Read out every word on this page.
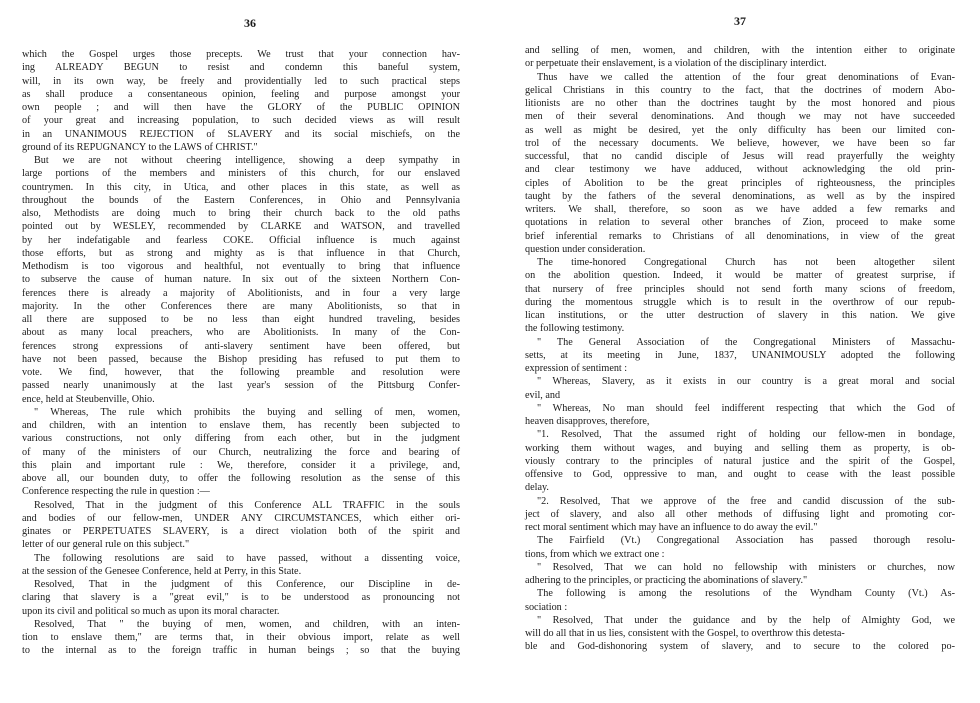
36

which the Gospel urges those precepts. We trust that your connection hav-

ing ALREADY BEGUN to resist and condemn this baneful system,

will, in its own way, be freely and providentially led to such practical steps

as shall produce a consentaneous opinion, feeling and purpose amongst your

own people ; and will then have the GLORY of the PUBLIC OPINION

of your great and increasing population, to such decided views as will result

in an UNANIMOUS REJECTION of SLAVERY and its social mischiefs, on the

ground of its REPUGNANCY to the LAWS of CHRIST."

But we are not without cheering intelligence, showing a deep sympathy in

large portions of the members and ministers of this church, for our enslaved

countrymen. In this city, in Utica, and other places in this state, as well as

throughout the bounds of the Eastern Conferences, in Ohio and Pennsylvania

also, Methodists are doing much to bring their church back to the old paths

pointed out by WESLEY, recommended by CLARKE and WATSON, and travelled

by her indefatigable and fearless COKE. Official influence is much against

those efforts, but as strong and mighty as is that influence in that Church,

Methodism is too vigorous and healthful, not eventually to bring that influence

to subserve the cause of human nature. In six out of the sixteen Northern Con-

ferences there is already a majority of Abolitionists, and in four a very large

majority. In the other Conferences there are many Abolitionists, so that in

all there are supposed to be no less than eight hundred traveling, besides

about as many local preachers, who are Abolitionists. In many of the Con-

ferences strong expressions of anti-slavery sentiment have been offered, but

have not been passed, because the Bishop presiding has refused to put them to

vote. We find, however, that the following preamble and resolution were

passed nearly unanimously at the last year's session of the Pittsburg Confer-

ence, held at Steubenville, Ohio.

" Whereas, The rule which prohibits the buying and selling of men, women,

and children, with an intention to enslave them, has recently been subjected to

various constructions, not only differing from each other, but in the judgment

of many of the ministers of our Church, neutralizing the force and bearing of

this plain and important rule : We, therefore, consider it a privilege, and,

above all, our bounden duty, to offer the following resolution as the sense of this

Conference respecting the rule in question :—

Resolved, That in the judgment of this Conference ALL TRAFFIC in the souls

and bodies of our fellow-men, UNDER ANY CIRCUMSTANCES, which either ori-

ginates or PERPETUATES SLAVERY, is a direct violation both of the spirit and

letter of our general rule on this subject."

The following resolutions are said to have passed, without a dissenting voice,

at the session of the Genesee Conference, held at Perry, in this State.

Resolved, That in the judgment of this Conference, our Discipline in de-

claring that slavery is a "great evil," is to be understood as pronouncing not

upon its civil and political so much as upon its moral character.

Resolved, That " the buying of men, women, and children, with an inten-

tion to enslave them," are terms that, in their obvious import, relate as well

to the internal as to the foreign traffic in human beings ; so that the buying

37

and selling of men, women, and children, with the intention either to originate

or perpetuate their enslavement, is a violation of the disciplinary interdict.

Thus have we called the attention of the four great denominations of Evan-

gelical Christians in this country to the fact, that the doctrines of modern Abo-

litionists are no other than the doctrines taught by the most honored and pious

men of their several denominations. And though we may not have succeeded

as well as might be desired, yet the only difficulty has been our limited con-

trol of the necessary documents. We believe, however, we have been so far

successful, that no candid disciple of Jesus will read prayerfully the weighty

and clear testimony we have adduced, without acknowledging the old prin-

ciples of Abolition to be the great principles of righteousness, the principles

taught by the fathers of the several denominations, as well as by the inspired

writers. We shall, therefore, so soon as we have added a few remarks and

quotations in relation to several other branches of Zion, proceed to make some

brief inferential remarks to Christians of all denominations, in view of the great

question under consideration.

The time-honored Congregational Church has not been altogether silent

on the abolition question. Indeed, it would be matter of greatest surprise, if

that nursery of free principles should not send forth many scions of freedom,

during the momentous struggle which is to result in the overthrow of our repub-

lican institutions, or the utter destruction of slavery in this nation. We give

the following testimony.

" The General Association of the Congregational Ministers of Massachu-

setts, at its meeting in June, 1837, UNANIMOUSLY adopted the following

expression of sentiment :

" Whereas, Slavery, as it exists in our country is a great moral and social

evil, and

" Whereas, No man should feel indifferent respecting that which the God of

heaven disapproves, therefore,

"1. Resolved, That the assumed right of holding our fellow-men in bondage,

working them without wages, and buying and selling them as property, is ob-

viously contrary to the principles of natural justice and the spirit of the Gospel,

offensive to God, oppressive to man, and ought to cease with the least possible

delay.

"2. Resolved, That we approve of the free and candid discussion of the sub-

ject of slavery, and also all other methods of diffusing light and promoting cor-

rect moral sentiment which may have an influence to do away the evil."

The Fairfield (Vt.) Congregational Association has passed thorough resolu-

tions, from which we extract one :

" Resolved, That we can hold no fellowship with ministers or churches, now

adhering to the principles, or practicing the abominations of slavery."

The following is among the resolutions of the Wyndham County (Vt.) As-

sociation :

" Resolved, That under the guidance and by the help of Almighty God, we

will do all that in us lies, consistent with the Gospel, to overthrow this detesta-

ble and God-dishonoring system of slavery, and to secure to the colored po-
